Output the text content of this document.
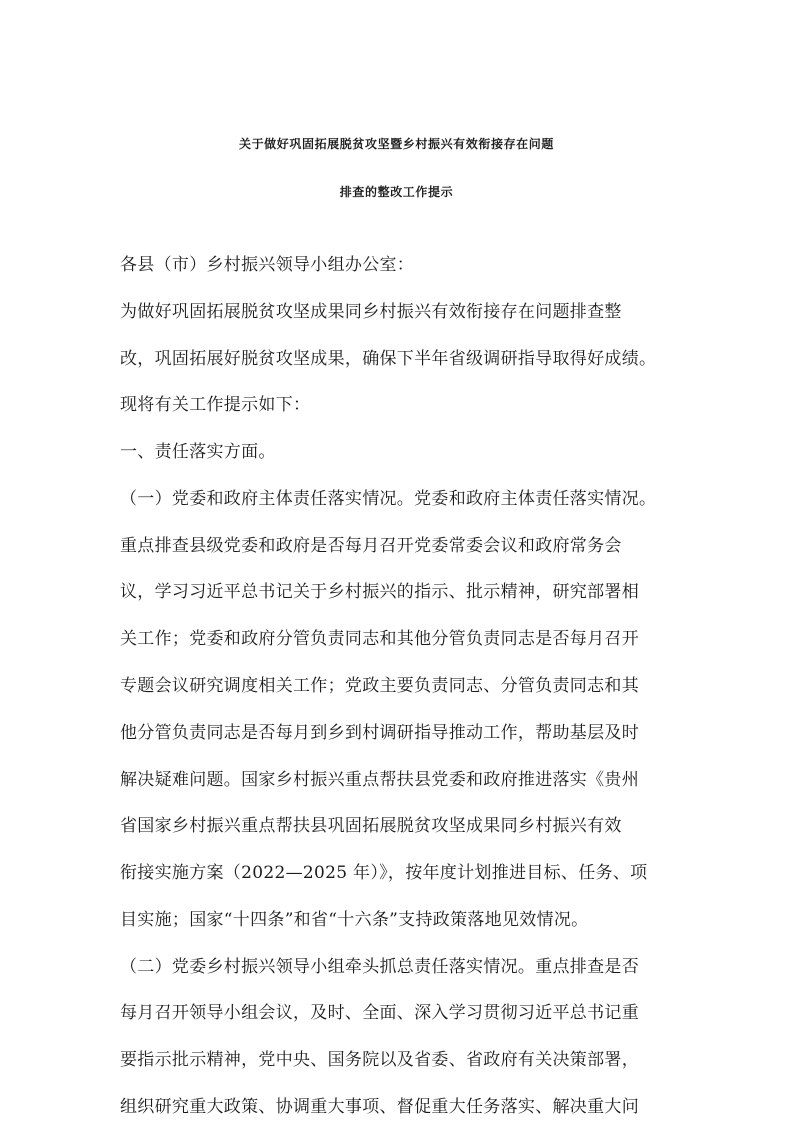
关于做好巩固拓展脱贫攻坚暨乡村振兴有效衔接存在问题
排查的整改工作提示
各县（市）乡村振兴领导小组办公室：
为做好巩固拓展脱贫攻坚成果同乡村振兴有效衔接存在问题排查整
改，巩固拓展好脱贫攻坚成果，确保下半年省级调研指导取得好成绩。
现将有关工作提示如下：
一、责任落实方面。
（一）党委和政府主体责任落实情况。党委和政府主体责任落实情况。
重点排查县级党委和政府是否每月召开党委常委会议和政府常务会
议，学习习近平总书记关于乡村振兴的指示、批示精神，研究部署相
关工作；党委和政府分管负责同志和其他分管负责同志是否每月召开
专题会议研究调度相关工作；党政主要负责同志、分管负责同志和其
他分管负责同志是否每月到乡到村调研指导推动工作，帮助基层及时
解决疑难问题。国家乡村振兴重点帮扶县党委和政府推进落实《贵州
省国家乡村振兴重点帮扶县巩固拓展脱贫攻坚成果同乡村振兴有效
衔接实施方案（2022—2025 年）》，按年度计划推进目标、任务、项
目实施；国家“十四条”和省“十六条”支持政策落地见效情况。
（二）党委乡村振兴领导小组牵头抓总责任落实情况。重点排查是否
每月召开领导小组会议，及时、全面、深入学习贯彻习近平总书记重
要指示批示精神，党中央、国务院以及省委、省政府有关决策部署，
组织研究重大政策、协调重大事项、督促重大任务落实、解决重大问
